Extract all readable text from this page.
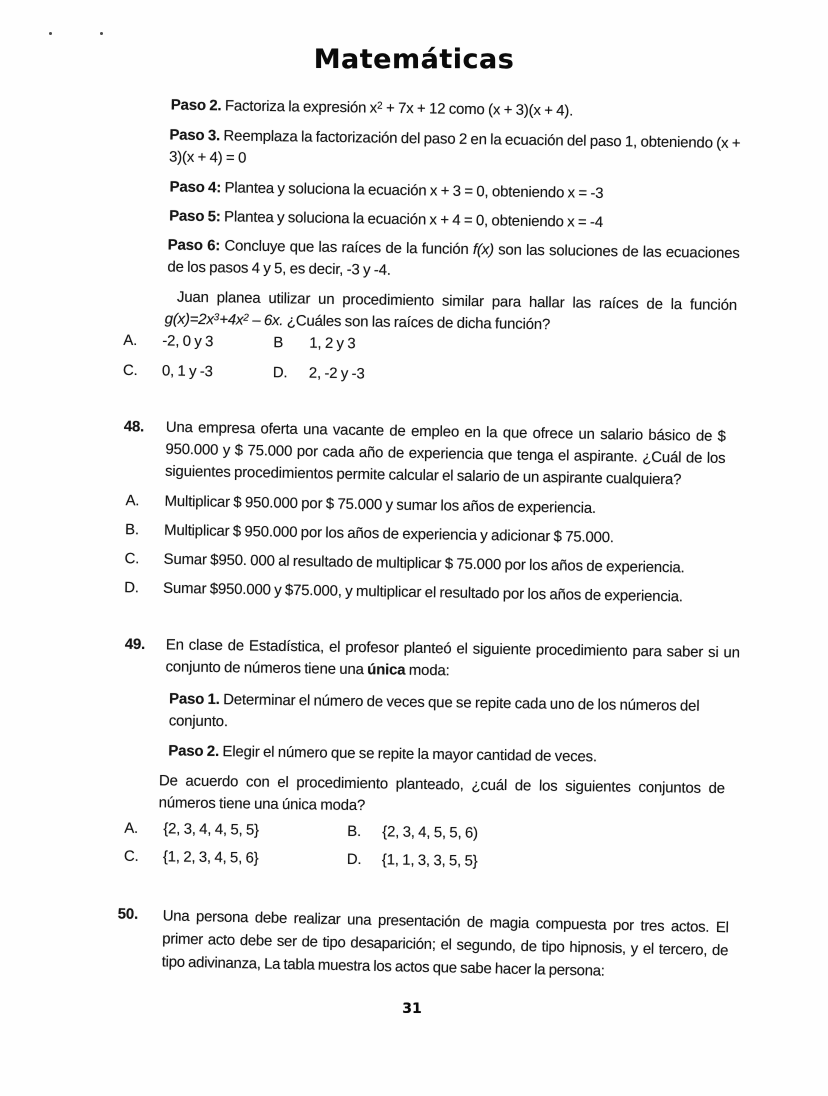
Matemáticas
Paso 2. Factoriza la expresión $x^2 + 7x + 12$ como (x + 3)(x + 4).
Paso 3. Reemplaza la factorización del paso 2 en la ecuación del paso 1, obteniendo (x + 3)(x + 4) = 0
Paso 4: Plantea y soluciona la ecuación x + 3 = 0, obteniendo x = -3
Paso 5: Plantea y soluciona la ecuación x + 4 = 0, obteniendo x = -4
Paso 6: Concluye que las raíces de la función f(x) son las soluciones de las ecuaciones de los pasos 4 y 5, es decir, -3 y -4.
Juan planea utilizar un procedimiento similar para hallar las raíces de la función $g(x)=2x^3+4x^2 - 6x$. ¿Cuáles son las raíces de dicha función?
A. -2, 0 y 3	B 1, 2 y 3
C. 0, 1 y -3	D. 2, -2 y -3
48. Una empresa oferta una vacante de empleo en la que ofrece un salario básico de $ 950.000 y $ 75.000 por cada año de experiencia que tenga el aspirante. ¿Cuál de los siguientes procedimientos permite calcular el salario de un aspirante cualquiera?
A. Multiplicar $ 950.000 por $ 75.000 y sumar los años de experiencia.
B. Multiplicar $ 950.000 por los años de experiencia y adicionar $ 75.000.
C. Sumar $950. 000 al resultado de multiplicar $ 75.000 por los años de experiencia.
D. Sumar $950.000 y $75.000, y multiplicar el resultado por los años de experiencia.
49. En clase de Estadística, el profesor planteó el siguiente procedimiento para saber si un conjunto de números tiene una única moda:
Paso 1. Determinar el número de veces que se repite cada uno de los números del conjunto.
Paso 2. Elegir el número que se repite la mayor cantidad de veces.
De acuerdo con el procedimiento planteado, ¿cuál de los siguientes conjuntos de números tiene una única moda?
A. {2, 3, 4, 4, 5, 5}	B. {2, 3, 4, 5, 5, 6)
C. {1, 2, 3, 4, 5, 6}	D. {1, 1, 3, 3, 5, 5}
50. Una persona debe realizar una presentación de magia compuesta por tres actos. El primer acto debe ser de tipo desaparición; el segundo, de tipo hipnosis, y el tercero, de tipo adivinanza, La tabla muestra los actos que sabe hacer la persona:
31
